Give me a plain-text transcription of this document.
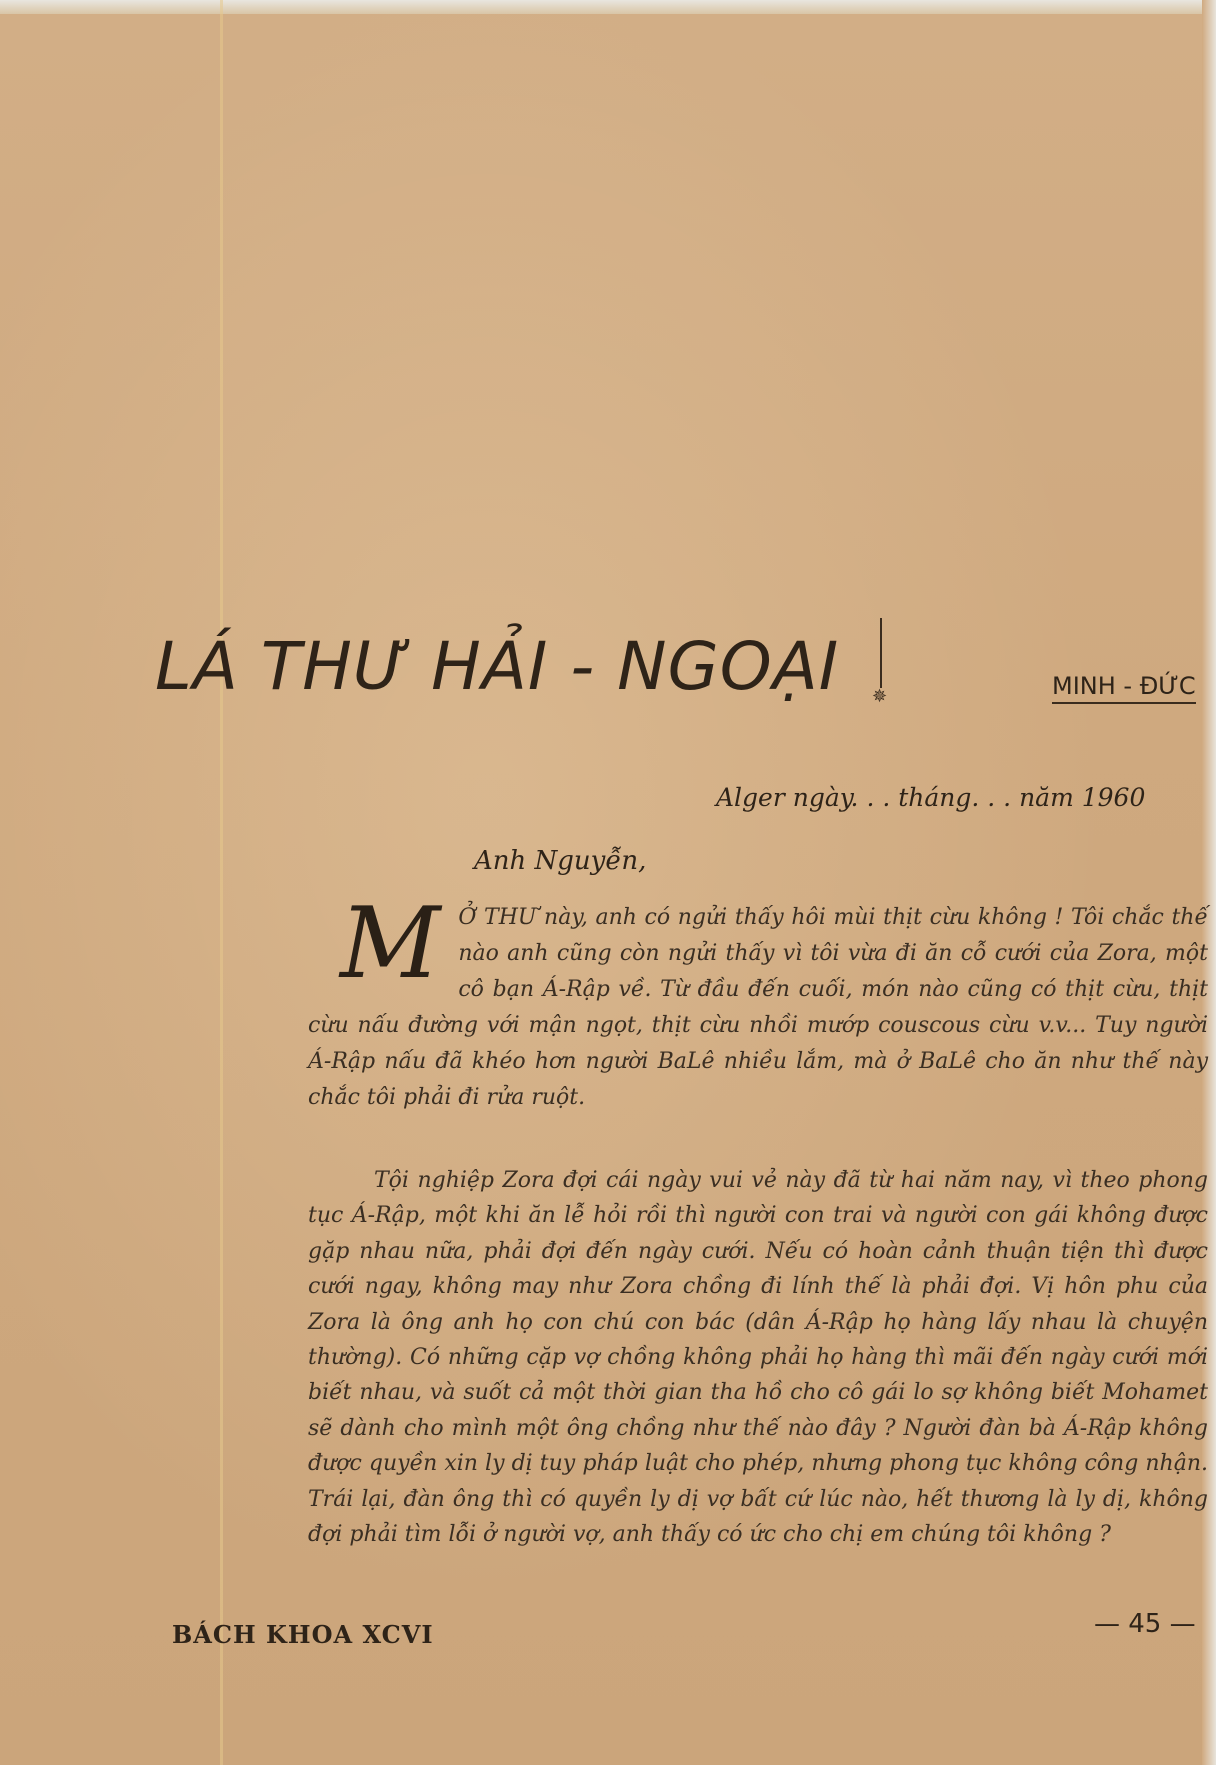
LÁ THƯ HẢI - NGOẠI ✵	MINH - ĐỨC

Alger ngày. . . tháng. . . năm 1960

Anh Nguyễn,

M Ở THƯ này, anh có ngửi thấy hôi mùi thịt cừu không ! Tôi chắc thế nào anh cũng còn ngửi thấy vì tôi vừa đi ăn cỗ cưới của Zora, một cô bạn Á-Rập về. Từ đầu đến cuối, món nào cũng có thịt cừu, thịt cừu nấu đường với mận ngọt, thịt cừu nhồi mướp couscous cừu v.v... Tuy người Á-Rập nấu đã khéo hơn người BaLê nhiều lắm, mà ở BaLê cho ăn như thế này chắc tôi phải đi rửa ruột.

Tội nghiệp Zora đợi cái ngày vui vẻ này đã từ hai năm nay, vì theo phong tục Á-Rập, một khi ăn lễ hỏi rồi thì người con trai và người con gái không được gặp nhau nữa, phải đợi đến ngày cưới. Nếu có hoàn cảnh thuận tiện thì được cưới ngay, không may như Zora chồng đi lính thế là phải đợi. Vị hôn phu của Zora là ông anh họ con chú con bác (dân Á-Rập họ hàng lấy nhau là chuyện thường). Có những cặp vợ chồng không phải họ hàng thì mãi đến ngày cưới mới biết nhau, và suốt cả một thời gian tha hồ cho cô gái lo sợ không biết Mohamet sẽ dành cho mình một ông chồng như thế nào đây ? Người đàn bà Á-Rập không được quyền xin ly dị tuy pháp luật cho phép, nhưng phong tục không công nhận. Trái lại, đàn ông thì có quyền ly dị vợ bất cứ lúc nào, hết thương là ly dị, không đợi phải tìm lỗi ở người vợ, anh thấy có ức cho chị em chúng tôi không ?

BÁCH KHOA XCVI	— 45 —
